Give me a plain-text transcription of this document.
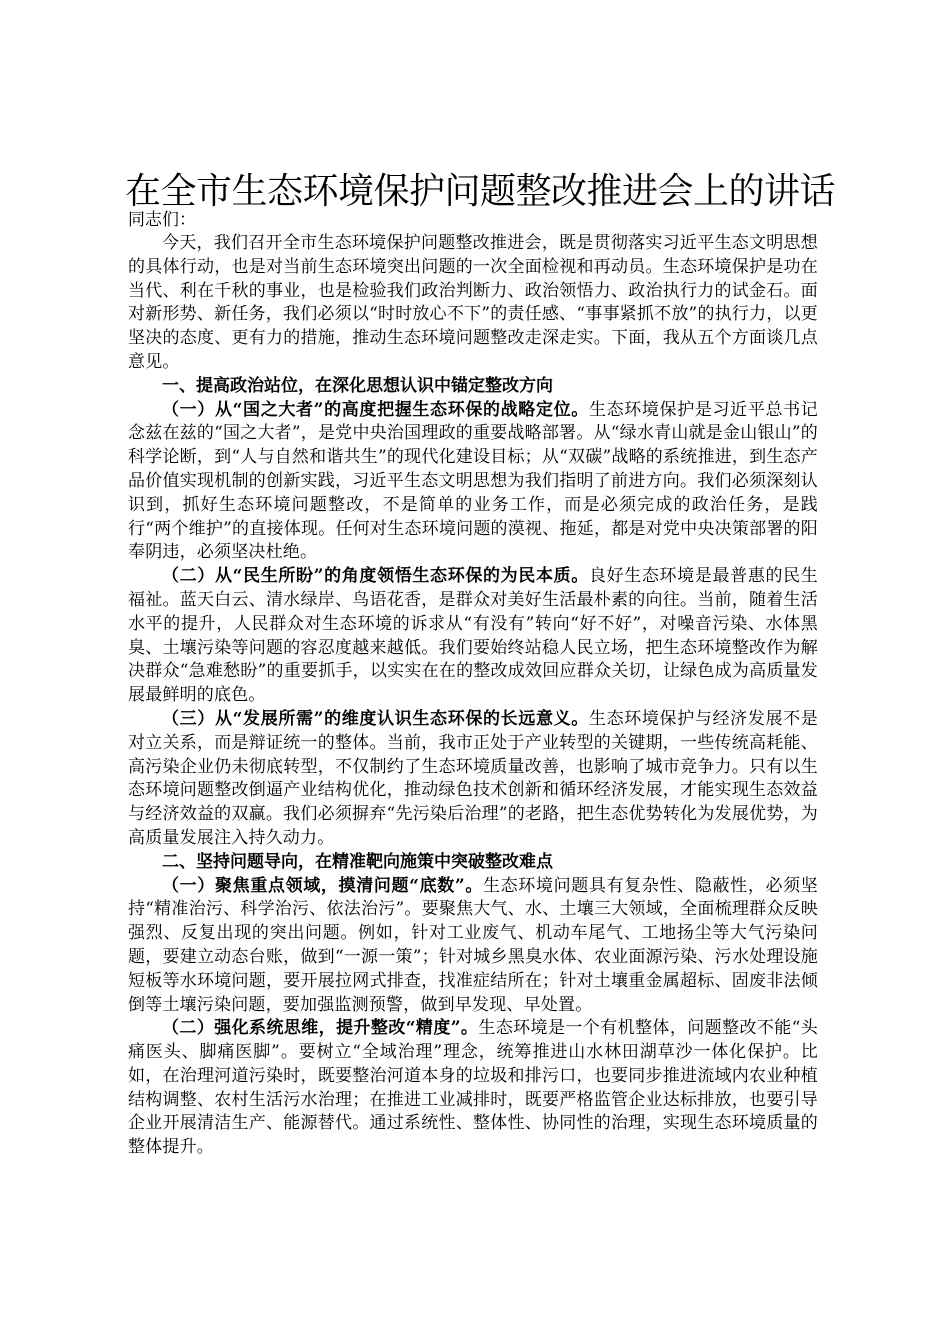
在全市生态环境保护问题整改推进会上的讲话
同志们：

今天，我们召开全市生态环境保护问题整改推进会，既是贯彻落实习近平生态文明思想的具体行动，也是对当前生态环境突出问题的一次全面检视和再动员。生态环境保护是功在当代、利在千秋的事业，也是检验我们政治判断力、政治领悟力、政治执行力的试金石。面对新形势、新任务，我们必须以“时时放心不下”的责任感、“事事紧抓不放”的执行力，以更坚决的态度、更有力的措施，推动生态环境问题整改走深走实。下面，我从五个方面谈几点意见。

一、提高政治站位，在深化思想认识中锚定整改方向

（一）从“国之大者”的高度把握生态环保的战略定位。生态环境保护是习近平总书记念兹在兹的“国之大者”，是党中央治国理政的重要战略部署。从“绿水青山就是金山银山”的科学论断，到“人与自然和谐共生”的现代化建设目标；从“双碳”战略的系统推进，到生态产品价值实现机制的创新实践，习近平生态文明思想为我们指明了前进方向。我们必须深刻认识到，抓好生态环境问题整改，不是简单的业务工作，而是必须完成的政治任务，是践行“两个维护”的直接体现。任何对生态环境问题的漠视、拖延，都是对党中央决策部署的阳奉阴违，必须坚决杜绝。

（二）从“民生所盼”的角度领悟生态环保的为民本质。良好生态环境是最普惠的民生福祉。蓝天白云、清水绿岸、鸟语花香，是群众对美好生活最朴素的向往。当前，随着生活水平的提升，人民群众对生态环境的诉求从“有没有”转向“好不好”，对噪音污染、水体黑臭、土壤污染等问题的容忍度越来越低。我们要始终站稳人民立场，把生态环境整改作为解决群众“急难愁盼”的重要抓手，以实实在在的整改成效回应群众关切，让绿色成为高质量发展最鲜明的底色。

（三）从“发展所需”的维度认识生态环保的长远意义。生态环境保护与经济发展不是对立关系，而是辩证统一的整体。当前，我市正处于产业转型的关键期，一些传统高耗能、高污染企业仍未彻底转型，不仅制约了生态环境质量改善，也影响了城市竞争力。只有以生态环境问题整改倒逼产业结构优化，推动绿色技术创新和循环经济发展，才能实现生态效益与经济效益的双赢。我们必须摒弃“先污染后治理”的老路，把生态优势转化为发展优势，为高质量发展注入持久动力。

二、坚持问题导向，在精准靶向施策中突破整改难点

（一）聚焦重点领域，摸清问题“底数”。生态环境问题具有复杂性、隐蔽性，必须坚持“精准治污、科学治污、依法治污”。要聚焦大气、水、土壤三大领域，全面梳理群众反映强烈、反复出现的突出问题。例如，针对工业废气、机动车尾气、工地扬尘等大气污染问题，要建立动态台账，做到“一源一策”；针对城乡黑臭水体、农业面源污染、污水处理设施短板等水环境问题，要开展拉网式排查，找准症结所在；针对土壤重金属超标、固废非法倾倒等土壤污染问题，要加强监测预警，做到早发现、早处置。

（二）强化系统思维，提升整改“精度”。生态环境是一个有机整体，问题整改不能“头痛医头、脚痛医脚”。要树立“全域治理”理念，统筹推进山水林田湖草沙一体化保护。比如，在治理河道污染时，既要整治河道本身的垃圾和排污口，也要同步推进流域内农业种植结构调整、农村生活污水治理；在推进工业减排时，既要严格监管企业达标排放，也要引导企业开展清洁生产、能源替代。通过系统性、整体性、协同性的治理，实现生态环境质量的整体提升。
